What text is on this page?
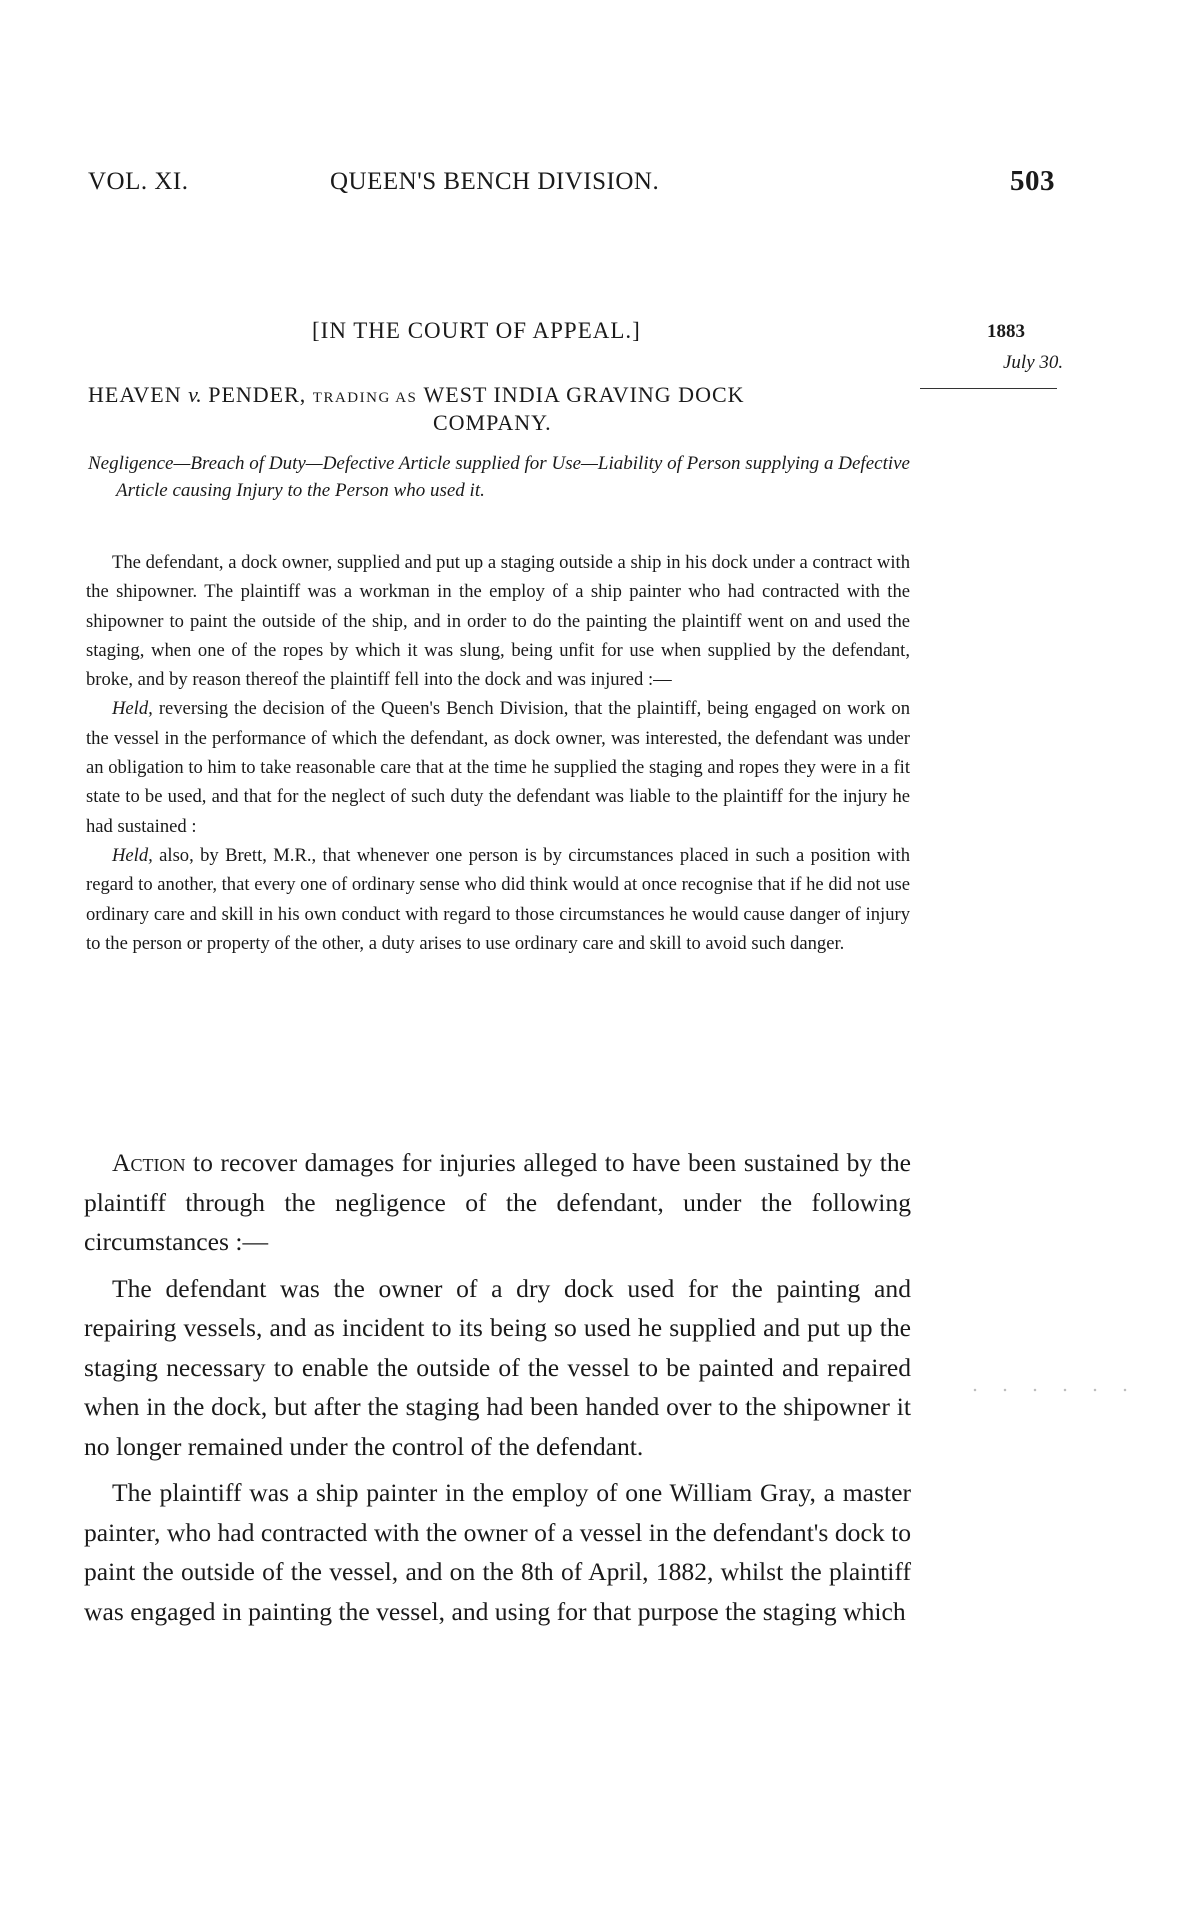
VOL. XI.	QUEEN'S BENCH DIVISION.	503
[IN THE COURT OF APPEAL.]	1883
July 30.
HEAVEN v. PENDER, TRADING AS WEST INDIA GRAVING DOCK
COMPANY.

Negligence—Breach of Duty—Defective Article supplied for Use—Liability of Person supplying a Defective Article causing Injury to the Person who used it.

The defendant, a dock owner, supplied and put up a staging outside a ship in his dock under a contract with the shipowner. The plaintiff was a workman in the employ of a ship painter who had contracted with the shipowner to paint the outside of the ship, and in order to do the painting the plaintiff went on and used the staging, when one of the ropes by which it was slung, being unfit for use when supplied by the defendant, broke, and by reason thereof the plaintiff fell into the dock and was injured :—

Held, reversing the decision of the Queen's Bench Division, that the plaintiff, being engaged on work on the vessel in the performance of which the defendant, as dock owner, was interested, the defendant was under an obligation to him to take reasonable care that at the time he supplied the staging and ropes they were in a fit state to be used, and that for the neglect of such duty the defendant was liable to the plaintiff for the injury he had sustained :

Held, also, by Brett, M.R., that whenever one person is by circumstances placed in such a position with regard to another, that every one of ordinary sense who did think would at once recognise that if he did not use ordinary care and skill in his own conduct with regard to those circumstances he would cause danger of injury to the person or property of the other, a duty arises to use ordinary care and skill to avoid such danger.

Action to recover damages for injuries alleged to have been sustained by the plaintiff through the negligence of the defendant, under the following circumstances :—

The defendant was the owner of a dry dock used for the painting and repairing vessels, and as incident to its being so used he supplied and put up the staging necessary to enable the outside of the vessel to be painted and repaired when in the dock, but after the staging had been handed over to the shipowner it no longer remained under the control of the defendant.

The plaintiff was a ship painter in the employ of one William Gray, a master painter, who had contracted with the owner of a vessel in the defendant's dock to paint the outside of the vessel, and on the 8th of April, 1882, whilst the plaintiff was engaged in painting the vessel, and using for that purpose the staging which
